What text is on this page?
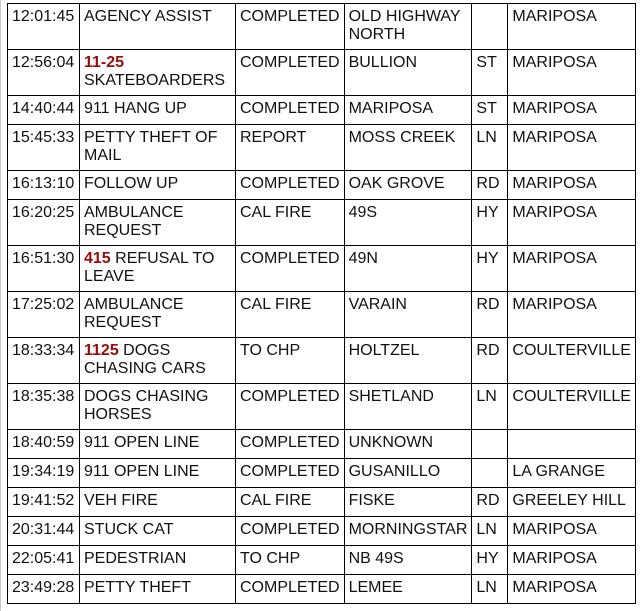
12:01:45	AGENCY ASSIST	COMPLETED	OLD HIGHWAY NORTH		MARIPOSA
12:56:04	11-25 SKATEBOARDERS	COMPLETED	BULLION	ST	MARIPOSA
14:40:44	911 HANG UP	COMPLETED	MARIPOSA	ST	MARIPOSA
15:45:33	PETTY THEFT OF MAIL	REPORT	MOSS CREEK	LN	MARIPOSA
16:13:10	FOLLOW UP	COMPLETED	OAK GROVE	RD	MARIPOSA
16:20:25	AMBULANCE REQUEST	CAL FIRE	49S	HY	MARIPOSA
16:51:30	415 REFUSAL TO LEAVE	COMPLETED	49N	HY	MARIPOSA
17:25:02	AMBULANCE REQUEST	CAL FIRE	VARAIN	RD	MARIPOSA
18:33:34	1125 DOGS CHASING CARS	TO CHP	HOLTZEL	RD	COULTERVILLE
18:35:38	DOGS CHASING HORSES	COMPLETED	SHETLAND	LN	COULTERVILLE
18:40:59	911 OPEN LINE	COMPLETED	UNKNOWN		
19:34:19	911 OPEN LINE	COMPLETED	GUSANILLO		LA GRANGE
19:41:52	VEH FIRE	CAL FIRE	FISKE	RD	GREELEY HILL
20:31:44	STUCK CAT	COMPLETED	MORNINGSTAR	LN	MARIPOSA
22:05:41	PEDESTRIAN	TO CHP	NB 49S	HY	MARIPOSA
23:49:28	PETTY THEFT	COMPLETED	LEMEE	LN	MARIPOSA
